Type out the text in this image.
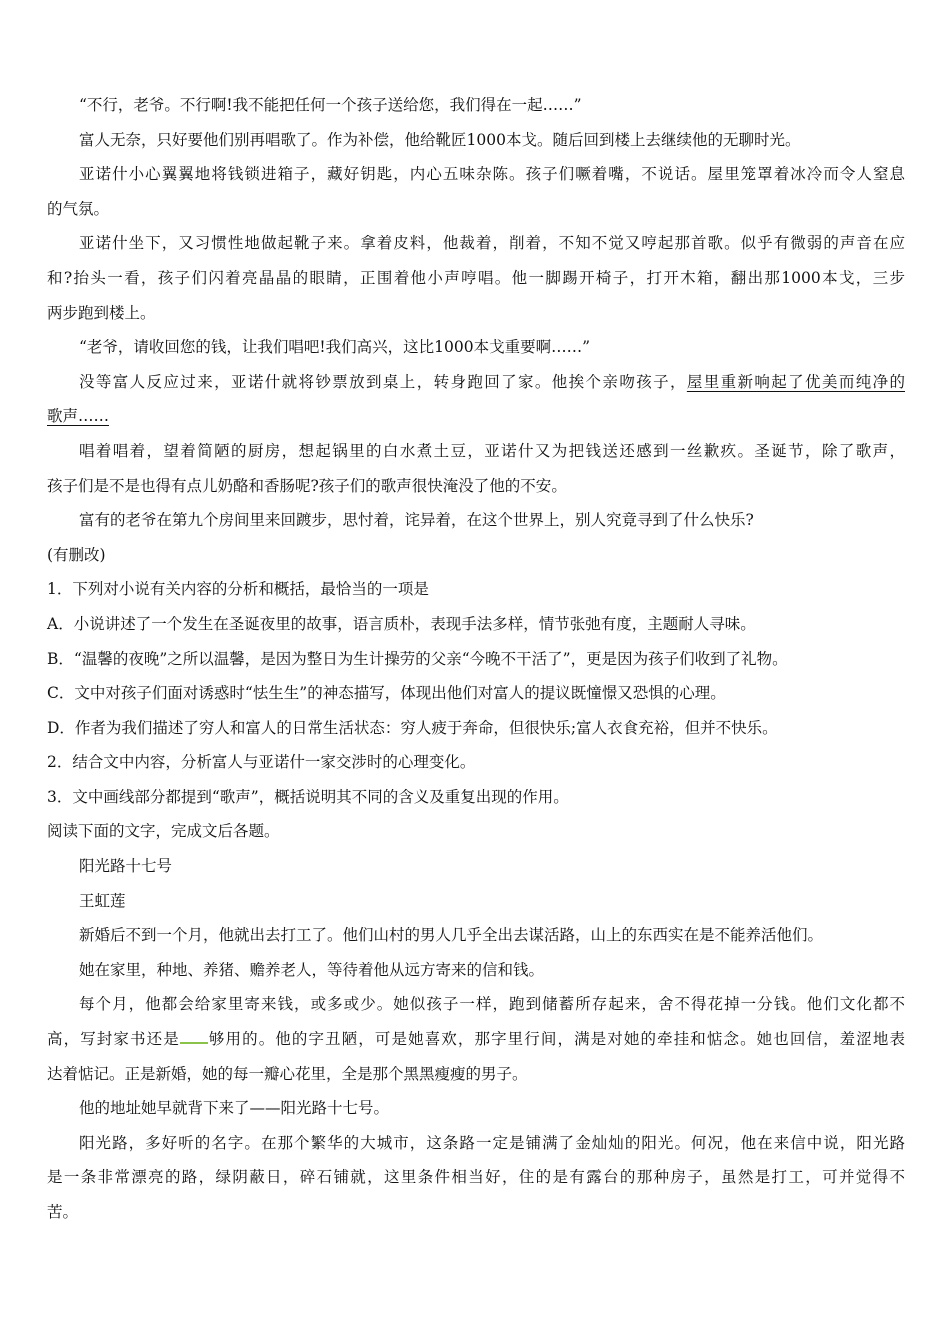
“不行，老爷。不行啊!我不能把任何一个孩子送给您，我们得在一起……”

富人无奈，只好要他们别再唱歌了。作为补偿，他给靴匠1000本戈。随后回到楼上去继续他的无聊时光。

亚诺什小心翼翼地将钱锁进箱子，藏好钥匙，内心五味杂陈。孩子们噘着嘴，不说话。屋里笼罩着冰冷而令人窒息

的气氛。

亚诺什坐下，又习惯性地做起靴子来。拿着皮料，他裁着，削着，不知不觉又哼起那首歌。似乎有微弱的声音在应

和?抬头一看，孩子们闪着亮晶晶的眼睛，正围着他小声哼唱。他一脚踢开椅子，打开木箱，翻出那1000本戈，三步

两步跑到楼上。

“老爷，请收回您的钱，让我们唱吧!我们高兴，这比1000本戈重要啊……”

没等富人反应过来，亚诺什就将钞票放到桌上，转身跑回了家。他挨个亲吻孩子，屋里重新响起了优美而纯净的

歌声……

唱着唱着，望着简陋的厨房，想起锅里的白水煮土豆，亚诺什又为把钱送还感到一丝歉疚。圣诞节，除了歌声，

孩子们是不是也得有点儿奶酪和香肠呢?孩子们的歌声很快淹没了他的不安。

富有的老爷在第九个房间里来回踱步，思忖着，诧异着，在这个世界上，别人究竟寻到了什么快乐?

(有删改)

1．下列对小说有关内容的分析和概括，最恰当的一项是

A．小说讲述了一个发生在圣诞夜里的故事，语言质朴，表现手法多样，情节张弛有度，主题耐人寻味。

B．“温馨的夜晚”之所以温馨，是因为整日为生计操劳的父亲“今晚不干活了”，更是因为孩子们收到了礼物。

C．文中对孩子们面对诱惑时“怯生生”的神态描写，体现出他们对富人的提议既憧憬又恐惧的心理。

D．作者为我们描述了穷人和富人的日常生活状态：穷人疲于奔命，但很快乐;富人衣食充裕，但并不快乐。

2．结合文中内容，分析富人与亚诺什一家交涉时的心理变化。

3．文中画线部分都提到“歌声”，概括说明其不同的含义及重复出现的作用。

阅读下面的文字，完成文后各题。

阳光路十七号

王虹莲

新婚后不到一个月，他就出去打工了。他们山村的男人几乎全出去谋活路，山上的东西实在是不能养活他们。

她在家里，种地、养猪、赡养老人，等待着他从远方寄来的信和钱。

每个月，他都会给家里寄来钱，或多或少。她似孩子一样，跑到储蓄所存起来，舍不得花掉一分钱。他们文化都不

高，写封家书还是 够用的。他的字丑陋，可是她喜欢，那字里行间，满是对她的牵挂和惦念。她也回信，羞涩地表

达着惦记。正是新婚，她的每一瓣心花里，全是那个黑黑瘦瘦的男子。

他的地址她早就背下来了——阳光路十七号。

阳光路，多好听的名字。在那个繁华的大城市，这条路一定是铺满了金灿灿的阳光。何况，他在来信中说，阳光路

是一条非常漂亮的路，绿阴蔽日，碎石铺就，这里条件相当好，住的是有露台的那种房子，虽然是打工，可并觉得不

苦。
